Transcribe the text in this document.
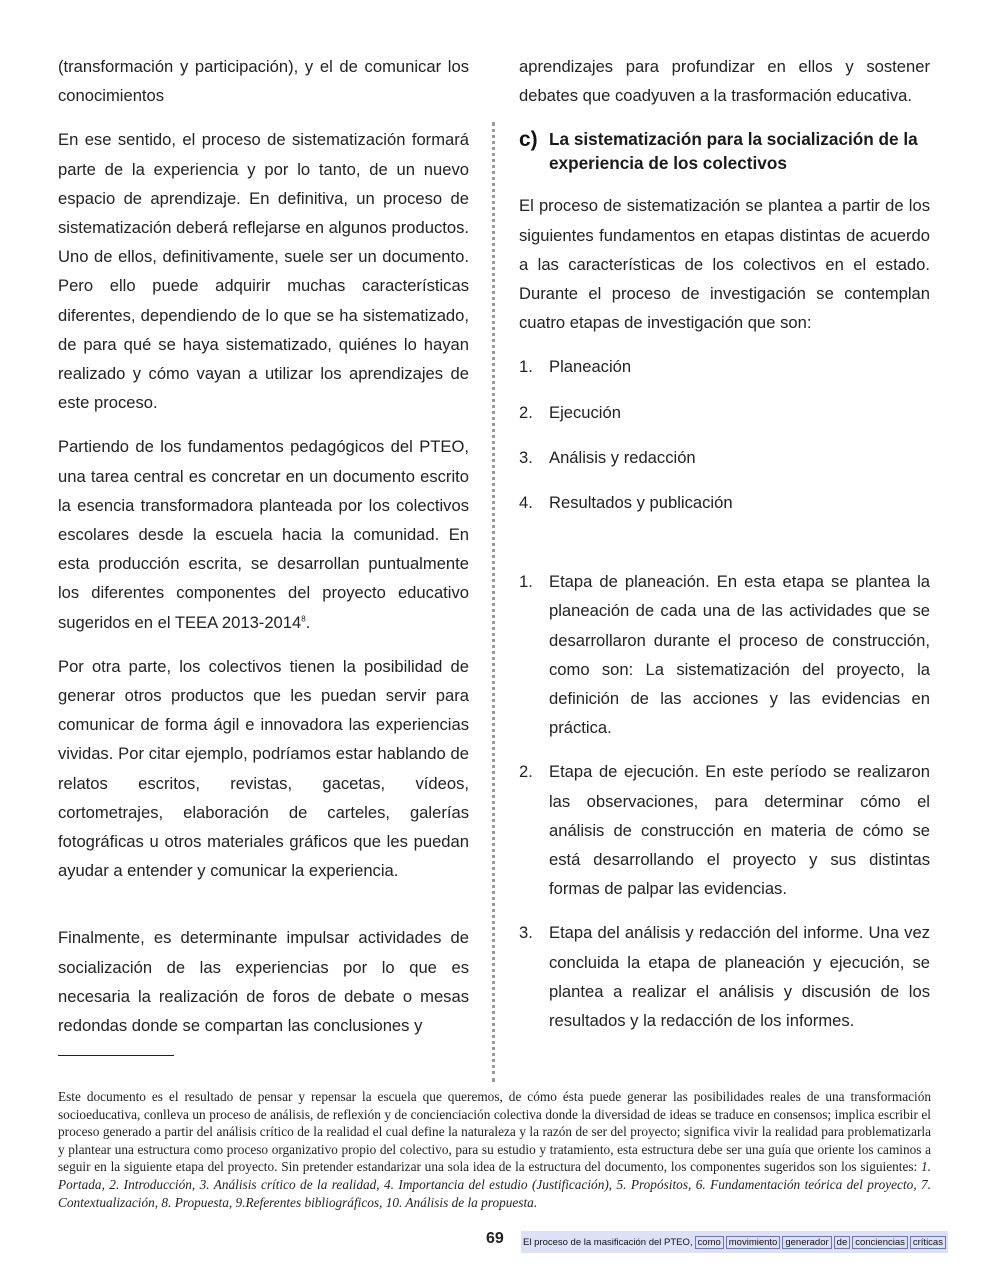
(transformación y participación), y el de comunicar los conocimientos

En ese sentido, el proceso de sistematización formará parte de la experiencia y por lo tanto, de un nuevo espacio de aprendizaje. En definitiva, un proceso de sistematización deberá reflejarse en algunos productos. Uno de ellos, definitivamente, suele ser un documento. Pero ello puede adquirir muchas características diferentes, dependiendo de lo que se ha sistematizado, de para qué se haya sistematizado, quiénes lo hayan realizado y cómo vayan a utilizar los aprendizajes de este proceso.

Partiendo de los fundamentos pedagógicos del PTEO, una tarea central es concretar en un documento escrito la esencia transformadora planteada por los colectivos escolares desde la escuela hacia la comunidad. En esta producción escrita, se desarrollan puntualmente los diferentes componentes del proyecto educativo sugeridos en el TEEA 2013-2014$^8$.

Por otra parte, los colectivos tienen la posibilidad de generar otros productos que les puedan servir para comunicar de forma ágil e innovadora las experiencias vividas. Por citar ejemplo, podríamos estar hablando de relatos escritos, revistas, gacetas, vídeos, cortometrajes, elaboración de carteles, galerías fotográficas u otros materiales gráficos que les puedan ayudar a entender y comunicar la experiencia.

Finalmente, es determinante impulsar actividades de socialización de las experiencias por lo que es necesaria la realización de foros de debate o mesas redondas donde se compartan las conclusiones y

aprendizajes para profundizar en ellos y sostener debates que coadyuven a la trasformación educativa.

c) La sistematización para la socialización de la experiencia de los colectivos

El proceso de sistematización se plantea a partir de los siguientes fundamentos en etapas distintas de acuerdo a las características de los colectivos en el estado. Durante el proceso de investigación se contemplan cuatro etapas de investigación que son:

1. Planeación
2. Ejecución
3. Análisis y redacción
4. Resultados y publicación
1. Etapa de planeación. En esta etapa se plantea la planeación de cada una de las actividades que se desarrollaron durante el proceso de construcción, como son: La sistematización del proyecto, la definición de las acciones y las evidencias en práctica.
2. Etapa de ejecución. En este período se realizaron las observaciones, para determinar cómo el análisis de construcción en materia de cómo se está desarrollando el proyecto y sus distintas formas de palpar las evidencias.
3. Etapa del análisis y redacción del informe. Una vez concluida la etapa de planeación y ejecución, se plantea a realizar el análisis y discusión de los resultados y la redacción de los informes.
Este documento es el resultado de pensar y repensar la escuela que queremos, de cómo ésta puede generar las posibilidades reales de una transformación socioeducativa, conlleva un proceso de análisis, de reflexión y de concienciación colectiva donde la diversidad de ideas se traduce en consensos; implica escribir el proceso generado a partir del análisis crítico de la realidad el cual define la naturaleza y la razón de ser del proyecto; significa vivir la realidad para problematizarla y plantear una estructura como proceso organizativo propio del colectivo, para su estudio y tratamiento, esta estructura debe ser una guía que oriente los caminos a seguir en la siguiente etapa del proyecto. Sin pretender estandarizar una sola idea de la estructura del documento, los componentes sugeridos son los siguientes: 1. Portada, 2. Introducción, 3. Análisis crítico de la realidad, 4. Importancia del estudio (Justificación), 5. Propósitos, 6. Fundamentación teórica del proyecto, 7. Contextualización, 8. Propuesta, 9.Referentes bibliográficos, 10. Análisis de la propuesta.
69 El proceso de la masificación del PTEO, como movimiento generador de conciencias críticas
